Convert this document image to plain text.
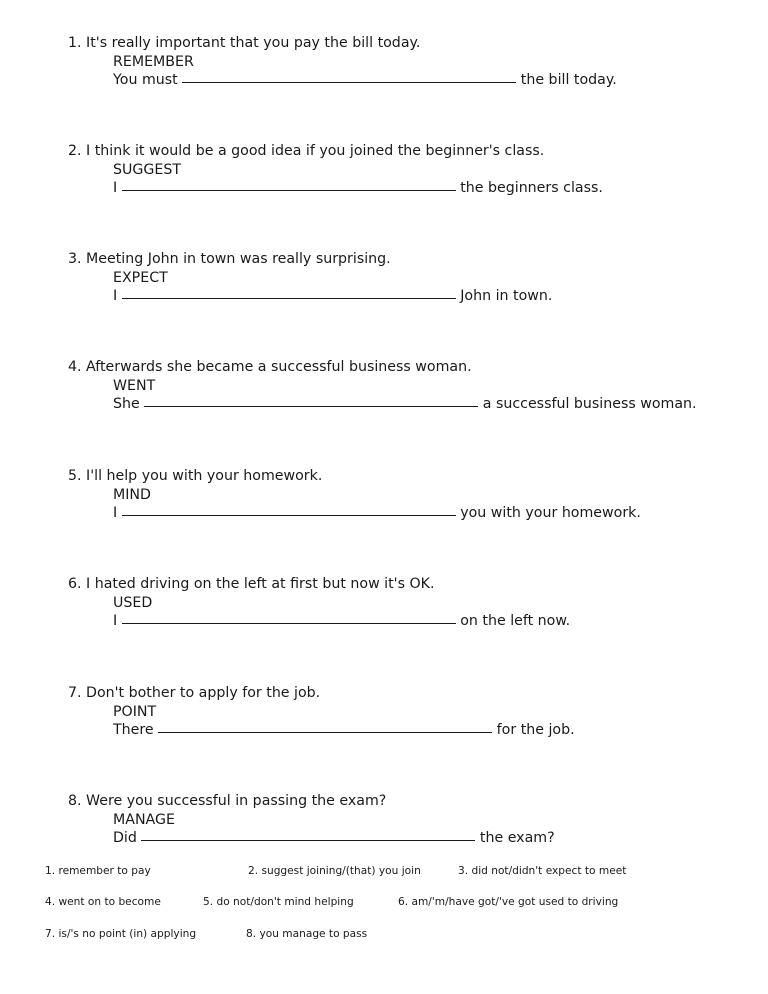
1. It's really important that you pay the bill today.
REMEMBER
You must	the bill today.
2. I think it would be a good idea if you joined the beginner's class.
SUGGEST
I	the beginners class.
3. Meeting John in town was really surprising.
EXPECT
I	John in town.
4. Afterwards she became a successful business woman.
WENT
She	a successful business woman.
5. I'll help you with your homework.
MIND
I	you with your homework.
6. I hated driving on the left at first but now it's OK.
USED
I	on the left now.
7. Don't bother to apply for the job.
POINT
There	for the job.
8. Were you successful in passing the exam?
MANAGE
Did	the exam?
1. remember to pay	2. suggest joining/(that) you join	3. did not/didn't expect to meet
4. went on to become	5. do not/don't mind helping	6. am/'m/have got/'ve got used to driving
7. is/'s no point (in) applying	8. you manage to pass
